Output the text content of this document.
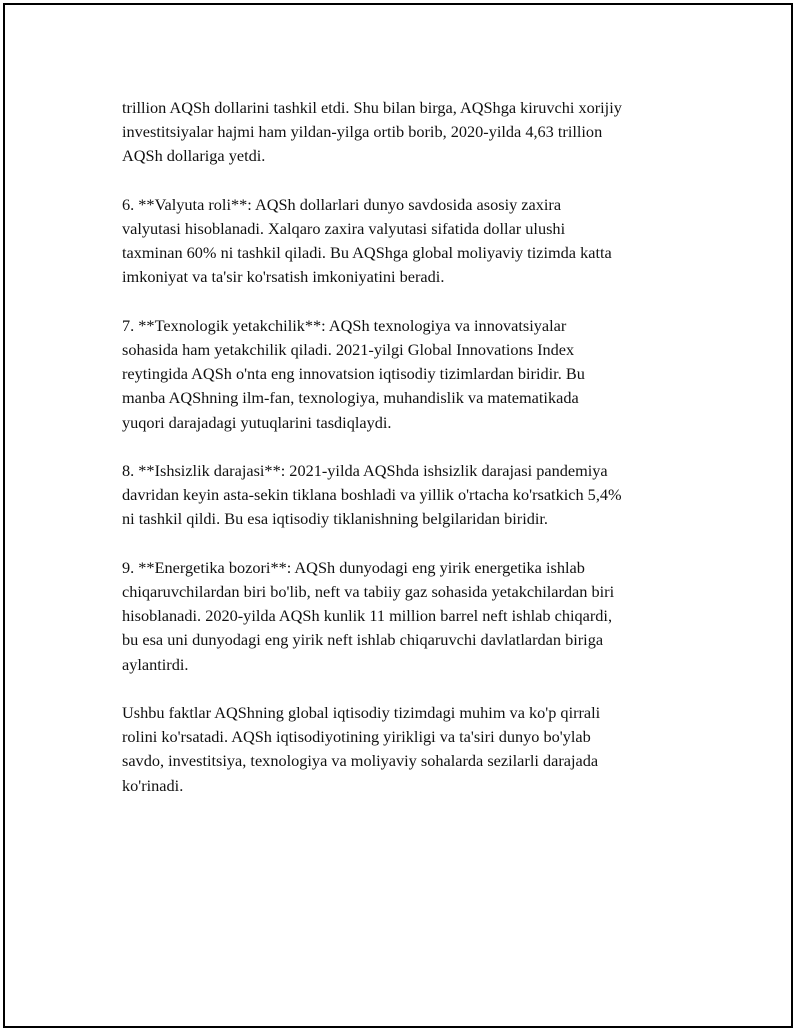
trillion AQSh dollarini tashkil etdi. Shu bilan birga, AQShga kiruvchi xorijiy
investitsiyalar hajmi ham yildan-yilga ortib borib, 2020-yilda 4,63 trillion
AQSh dollariga yetdi.

6. **Valyuta roli**: AQSh dollarlari dunyo savdosida asosiy zaxira
valyutasi hisoblanadi. Xalqaro zaxira valyutasi sifatida dollar ulushi
taxminan 60% ni tashkil qiladi. Bu AQShga global moliyaviy tizimda katta
imkoniyat va ta'sir ko'rsatish imkoniyatini beradi.

7. **Texnologik yetakchilik**: AQSh texnologiya va innovatsiyalar
sohasida ham yetakchilik qiladi. 2021-yilgi Global Innovations Index
reytingida AQSh o'nta eng innovatsion iqtisodiy tizimlardan biridir. Bu
manba AQShning ilm-fan, texnologiya, muhandislik va matematikada
yuqori darajadagi yutuqlarini tasdiqlaydi.

8. **Ishsizlik darajasi**: 2021-yilda AQShda ishsizlik darajasi pandemiya
davridan keyin asta-sekin tiklana boshladi va yillik o'rtacha ko'rsatkich 5,4%
ni tashkil qildi. Bu esa iqtisodiy tiklanishning belgilaridan biridir.

9. **Energetika bozori**: AQSh dunyodagi eng yirik energetika ishlab
chiqaruvchilardan biri bo'lib, neft va tabiiy gaz sohasida yetakchilardan biri
hisoblanadi. 2020-yilda AQSh kunlik 11 million barrel neft ishlab chiqardi,
bu esa uni dunyodagi eng yirik neft ishlab chiqaruvchi davlatlardan biriga
aylantirdi.

Ushbu faktlar AQShning global iqtisodiy tizimdagi muhim va ko'p qirrali
rolini ko'rsatadi. AQSh iqtisodiyotining yirikligi va ta'siri dunyo bo'ylab
savdo, investitsiya, texnologiya va moliyaviy sohalarda sezilarli darajada
ko'rinadi.
